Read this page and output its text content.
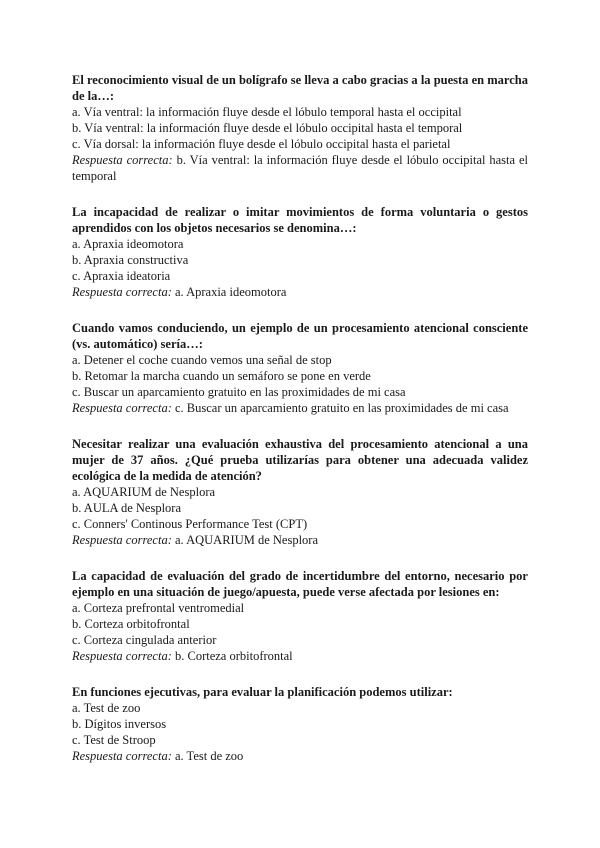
El reconocimiento visual de un bolígrafo se lleva a cabo gracias a la puesta en marcha de la…:

a. Vía ventral: la información fluye desde el lóbulo temporal hasta el occipital

b. Vía ventral: la información fluye desde el lóbulo occipital hasta el temporal

c. Vía dorsal: la información fluye desde el lóbulo occipital hasta el parietal

Respuesta correcta: b. Vía ventral: la información fluye desde el lóbulo occipital hasta el temporal

La incapacidad de realizar o imitar movimientos de forma voluntaria o gestos aprendidos con los objetos necesarios se denomina…:

a. Apraxia ideomotora

b. Apraxia constructiva

c. Apraxia ideatoria

Respuesta correcta: a. Apraxia ideomotora

Cuando vamos conduciendo, un ejemplo de un procesamiento atencional consciente (vs. automático) sería…:

a. Detener el coche cuando vemos una señal de stop

b. Retomar la marcha cuando un semáforo se pone en verde

c. Buscar un aparcamiento gratuito en las proximidades de mi casa

Respuesta correcta: c. Buscar un aparcamiento gratuito en las proximidades de mi casa

Necesitar realizar una evaluación exhaustiva del procesamiento atencional a una mujer de 37 años. ¿Qué prueba utilizarías para obtener una adecuada validez ecológica de la medida de atención?

a. AQUARIUM de Nesplora

b. AULA de Nesplora

c. Conners' Continous Performance Test (CPT)

Respuesta correcta: a. AQUARIUM de Nesplora

La capacidad de evaluación del grado de incertidumbre del entorno, necesario por ejemplo en una situación de juego/apuesta, puede verse afectada por lesiones en:

a. Corteza prefrontal ventromedial

b. Corteza orbitofrontal

c. Corteza cingulada anterior

Respuesta correcta: b. Corteza orbitofrontal

En funciones ejecutivas, para evaluar la planificación podemos utilizar:

a. Test de zoo

b. Dígitos inversos

c. Test de Stroop

Respuesta correcta: a. Test de zoo
